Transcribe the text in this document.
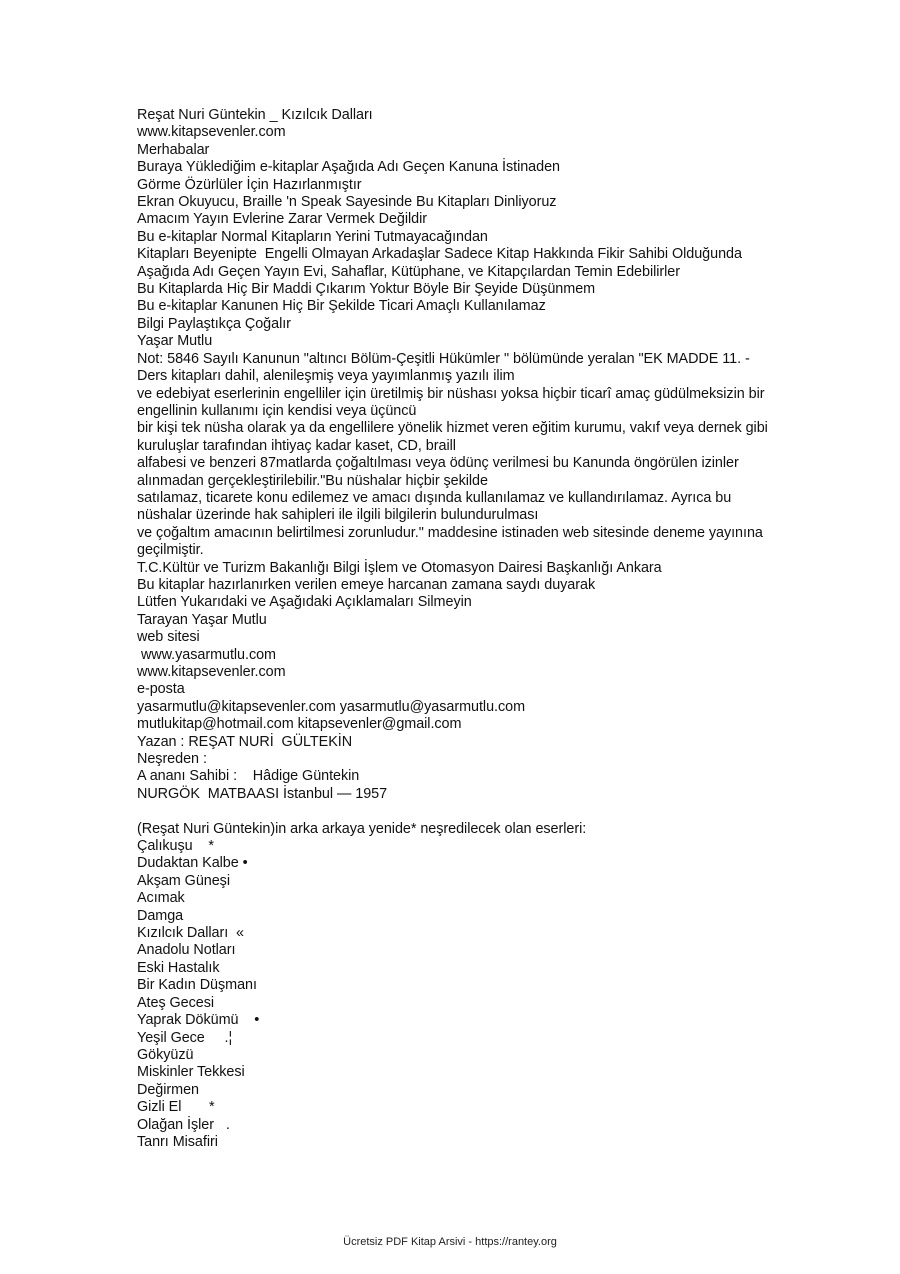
Reşat Nuri Güntekin _ Kızılcık Dalları

www.kitapsevenler.com

Merhabalar

Buraya Yüklediğim e-kitaplar Aşağıda Adı Geçen Kanuna İstinaden

Görme Özürlüler İçin Hazırlanmıştır

Ekran Okuyucu, Braille 'n Speak Sayesinde Bu Kitapları Dinliyoruz

Amacım Yayın Evlerine Zarar Vermek Değildir

Bu e-kitaplar Normal Kitapların Yerini Tutmayacağından

Kitapları Beyenipte  Engelli Olmayan Arkadaşlar Sadece Kitap Hakkında Fikir Sahibi Olduğunda

Aşağıda Adı Geçen Yayın Evi, Sahaflar, Kütüphane, ve Kitapçılardan Temin Edebilirler

Bu Kitaplarda Hiç Bir Maddi Çıkarım Yoktur Böyle Bir Şeyide Düşünmem

Bu e-kitaplar Kanunen Hiç Bir Şekilde Ticari Amaçlı Kullanılamaz

Bilgi Paylaştıkça Çoğalır

Yaşar Mutlu

Not: 5846 Sayılı Kanunun "altıncı Bölüm-Çeşitli Hükümler " bölümünde yeralan "EK MADDE 11. -

Ders kitapları dahil, alenileşmiş veya yayımlanmış yazılı ilim

ve edebiyat eserlerinin engelliler için üretilmiş bir nüshası yoksa hiçbir ticarî amaç güdülmeksizin bir

engellinin kullanımı için kendisi veya üçüncü

bir kişi tek nüsha olarak ya da engellilere yönelik hizmet veren eğitim kurumu, vakıf veya dernek gibi

kuruluşlar tarafından ihtiyaç kadar kaset, CD, braill

alfabesi ve benzeri 87matlarda çoğaltılması veya ödünç verilmesi bu Kanunda öngörülen izinler

alınmadan gerçekleştirilebilir."Bu nüshalar hiçbir şekilde

satılamaz, ticarete konu edilemez ve amacı dışında kullanılamaz ve kullandırılamaz. Ayrıca bu

nüshalar üzerinde hak sahipleri ile ilgili bilgilerin bulundurulması

ve çoğaltım amacının belirtilmesi zorunludur." maddesine istinaden web sitesinde deneme yayınına

geçilmiştir.

T.C.Kültür ve Turizm Bakanlığı Bilgi İşlem ve Otomasyon Dairesi Başkanlığı Ankara

Bu kitaplar hazırlanırken verilen emeye harcanan zamana saydı duyarak

Lütfen Yukarıdaki ve Aşağıdaki Açıklamaları Silmeyin

Tarayan Yaşar Mutlu

web sitesi

www.yasarmutlu.com

www.kitapsevenler.com

e-posta

yasarmutlu@kitapsevenler.com yasarmutlu@yasarmutlu.com

mutlukitap@hotmail.com kitapsevenler@gmail.com

Yazan : REŞAT NURİ  GÜLTEKİN

Neşreden :

A ananı Sahibi :    Hâdige Güntekin

NURGÖK  MATBAASI İstanbul — 1957

(Reşat Nuri Güntekin)in arka arkaya yenide* neşredilecek olan eserleri:

Çalıkuşu    *

Dudaktan Kalbe •

Akşam Güneşi

Acımak

Damga

Kızılcık Dalları  «

Anadolu Notları

Eski Hastalık

Bir Kadın Düşmanı

Ateş Gecesi

Yaprak Dökümü    •

Yeşil Gece     .¦

Gökyüzü

Miskinler Tekkesi

Değirmen

Gizli El       *

Olağan İşler   .

Tanrı Misafiri

Ücretsiz PDF Kitap Arsivi - https://rantey.org
